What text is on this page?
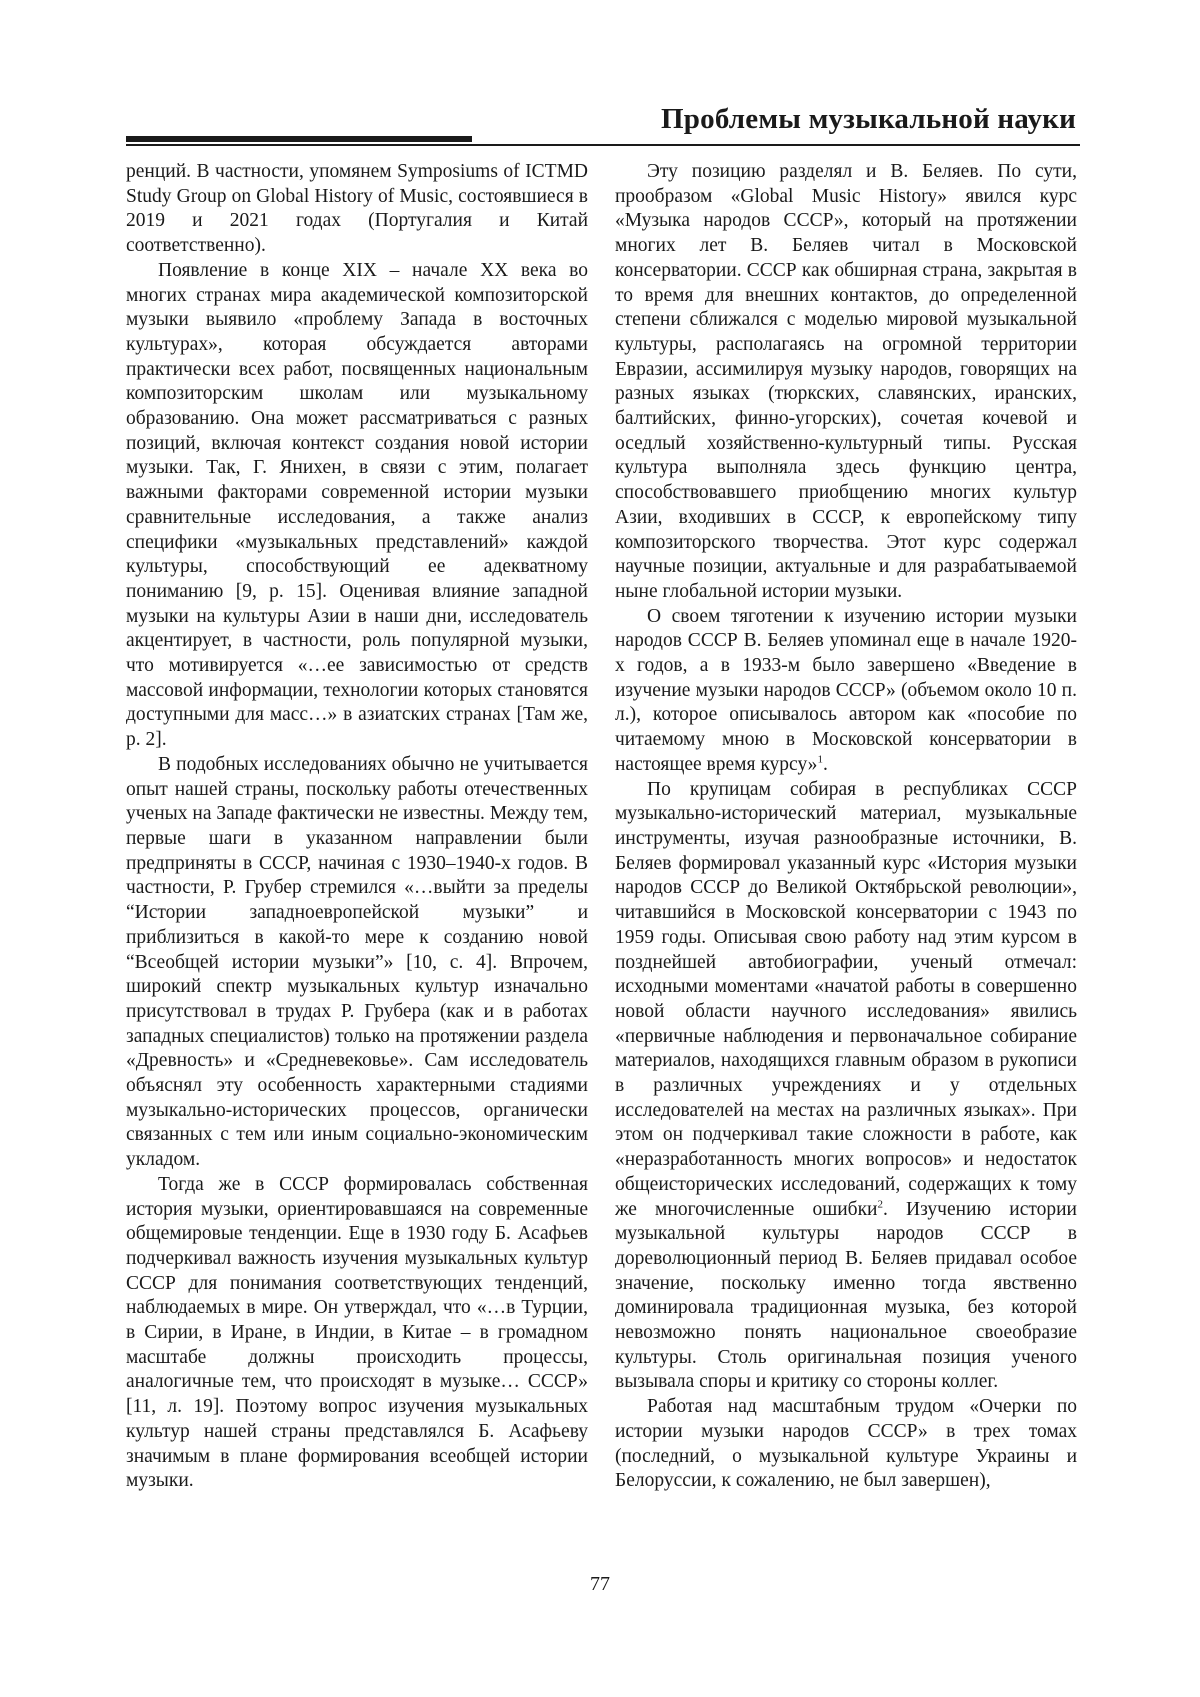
Проблемы музыкальной науки

ренций. В частности, упомянем Symposiums of ICTMD Study Group on Global History of Music, состоявшиеся в 2019 и 2021 годах (Португалия и Китай соответственно).

Появление в конце XIX – начале XX века во многих странах мира академической композиторской музыки выявило «проблему Запада в восточных культурах», которая обсуждается авторами практически всех работ, посвященных национальным композиторским школам или музыкальному образованию. Она может рассматриваться с разных позиций, включая контекст создания новой истории музыки. Так, Г. Янихен, в связи с этим, полагает важными факторами современной истории музыки сравнительные исследования, а также анализ специфики «музыкальных представлений» каждой культуры, способствующий ее адекватному пониманию [9, p. 15]. Оценивая влияние западной музыки на культуры Азии в наши дни, исследователь акцентирует, в частности, роль популярной музыки, что мотивируется «…ее зависимостью от средств массовой информации, технологии которых становятся доступными для масс…» в азиатских странах [Там же, p. 2].

В подобных исследованиях обычно не учитывается опыт нашей страны, поскольку работы отечественных ученых на Западе фактически не известны. Между тем, первые шаги в указанном направлении были предприняты в СССР, начиная с 1930–1940-х годов. В частности, Р. Грубер стремился «…выйти за пределы “Истории западноевропейской музыки” и приблизиться в какой-то мере к созданию новой “Всеобщей истории музыки”» [10, с. 4]. Впрочем, широкий спектр музыкальных культур изначально присутствовал в трудах Р. Грубера (как и в работах западных специалистов) только на протяжении раздела «Древность» и «Средневековье». Сам исследователь объяснял эту особенность характерными стадиями музыкально-исторических процессов, органически связанных с тем или иным социально-экономическим укладом.

Тогда же в СССР формировалась собственная история музыки, ориентировавшаяся на современные общемировые тенденции. Еще в 1930 году Б. Асафьев подчеркивал важность изучения музыкальных культур СССР для понимания соответствующих тенденций, наблюдаемых в мире. Он утверждал, что «…в Турции, в Сирии, в Иране, в Индии, в Китае – в громадном масштабе должны происходить процессы, аналогичные тем, что происходят в музыке… СССР» [11, л. 19]. Поэтому вопрос изучения музыкальных культур нашей страны представлялся Б. Асафьеву значимым в плане формирования всеобщей истории музыки.

Эту позицию разделял и В. Беляев. По сути, прообразом «Global Music History» явился курс «Музыка народов СССР», который на протяжении многих лет В. Беляев читал в Московской консерватории. СССР как обширная страна, закрытая в то время для внешних контактов, до определенной степени сближался с моделью мировой музыкальной культуры, располагаясь на огромной территории Евразии, ассимилируя музыку народов, говорящих на разных языках (тюркских, славянских, иранских, балтийских, финно-угорских), сочетая кочевой и оседлый хозяйственно-культурный типы. Русская культура выполняла здесь функцию центра, способствовавшего приобщению многих культур Азии, входивших в СССР, к европейскому типу композиторского творчества. Этот курс содержал научные позиции, актуальные и для разрабатываемой ныне глобальной истории музыки.

О своем тяготении к изучению истории музыки народов СССР В. Беляев упоминал еще в начале 1920-х годов, а в 1933-м было завершено «Введение в изучение музыки народов СССР» (объемом около 10 п. л.), которое описывалось автором как «пособие по читаемому мною в Московской консерватории в настоящее время курсу»$^1$.

По крупицам собирая в республиках СССР музыкально-исторический материал, музыкальные инструменты, изучая разнообразные источники, В. Беляев формировал указанный курс «История музыки народов СССР до Великой Октябрьской революции», читавшийся в Московской консерватории с 1943 по 1959 годы. Описывая свою работу над этим курсом в позднейшей автобиографии, ученый отмечал: исходными моментами «начатой работы в совершенно новой области научного исследования» явились «первичные наблюдения и первоначальное собирание материалов, находящихся главным образом в рукописи в различных учреждениях и у отдельных исследователей на местах на различных языках». При этом он подчеркивал такие сложности в работе, как «неразработанность многих вопросов» и недостаток общеисторических исследований, содержащих к тому же многочисленные ошибки$^2$. Изучению истории музыкальной культуры народов СССР в дореволюционный период В. Беляев придавал особое значение, поскольку именно тогда явственно доминировала традиционная музыка, без которой невозможно понять национальное своеобразие культуры. Столь оригинальная позиция ученого вызывала споры и критику со стороны коллег.

Работая над масштабным трудом «Очерки по истории музыки народов СССР» в трех томах (последний, о музыкальной культуре Украины и Белоруссии, к сожалению, не был завершен),

77
